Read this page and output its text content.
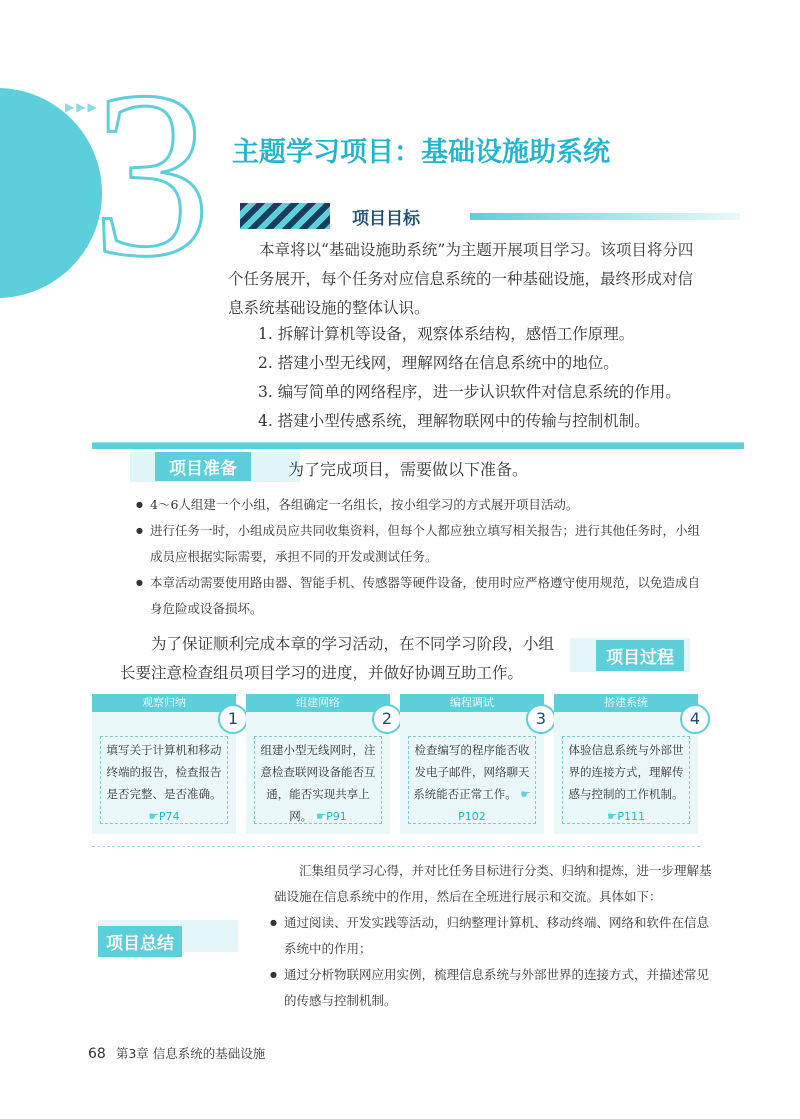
▶▶▶
3 主题学习项目：基础设施助系统
项目目标
本章将以“基础设施助系统”为主题开展项目学习。该项目将分四个任务展开，每个任务对应信息系统的一种基础设施，最终形成对信息系统基础设施的整体认识。
1. 拆解计算机等设备，观察体系结构，感悟工作原理。
2. 搭建小型无线网，理解网络在信息系统中的地位。
3. 编写简单的网络程序，进一步认识软件对信息系统的作用。
4. 搭建小型传感系统，理解物联网中的传输与控制机制。
项目准备	为了完成项目，需要做以下准备。
● 4～6人组建一个小组，各组确定一名组长，按小组学习的方式展开项目活动。
● 进行任务一时，小组成员应共同收集资料，但每个人都应独立填写相关报告；进行其他任务时，小组成员应根据实际需要，承担不同的开发或测试任务。
● 本章活动需要使用路由器、智能手机、传感器等硬件设备，使用时应严格遵守使用规范，以免造成自身危险或设备损坏。
为了保证顺利完成本章的学习活动，在不同学习阶段，小组长要注意检查组员项目学习的进度，并做好协调互助工作。
项目过程
观察归纳
1
填写关于计算机和移动终端的报告，检查报告是否完整、是否准确。 ☛P74
组建网络
2
组建小型无线网时，注意检查联网设备能否互通，能否实现共享上网。 ☛P91
编程调试
3
检查编写的程序能否收发电子邮件，网络聊天系统能否正常工作。 ☛P102
搭建系统
4
体验信息系统与外部世界的连接方式，理解传感与控制的工作机制。 ☛P111
汇集组员学习心得，并对比任务目标进行分类、归纳和提炼，进一步理解基础设施在信息系统中的作用，然后在全班进行展示和交流。具体如下：
● 通过阅读、开发实践等活动，归纳整理计算机、移动终端、网络和软件在信息系统中的作用；
● 通过分析物联网应用实例，梳理信息系统与外部世界的连接方式，并描述常见的传感与控制机制。
项目总结
68 第3章 信息系统的基础设施
